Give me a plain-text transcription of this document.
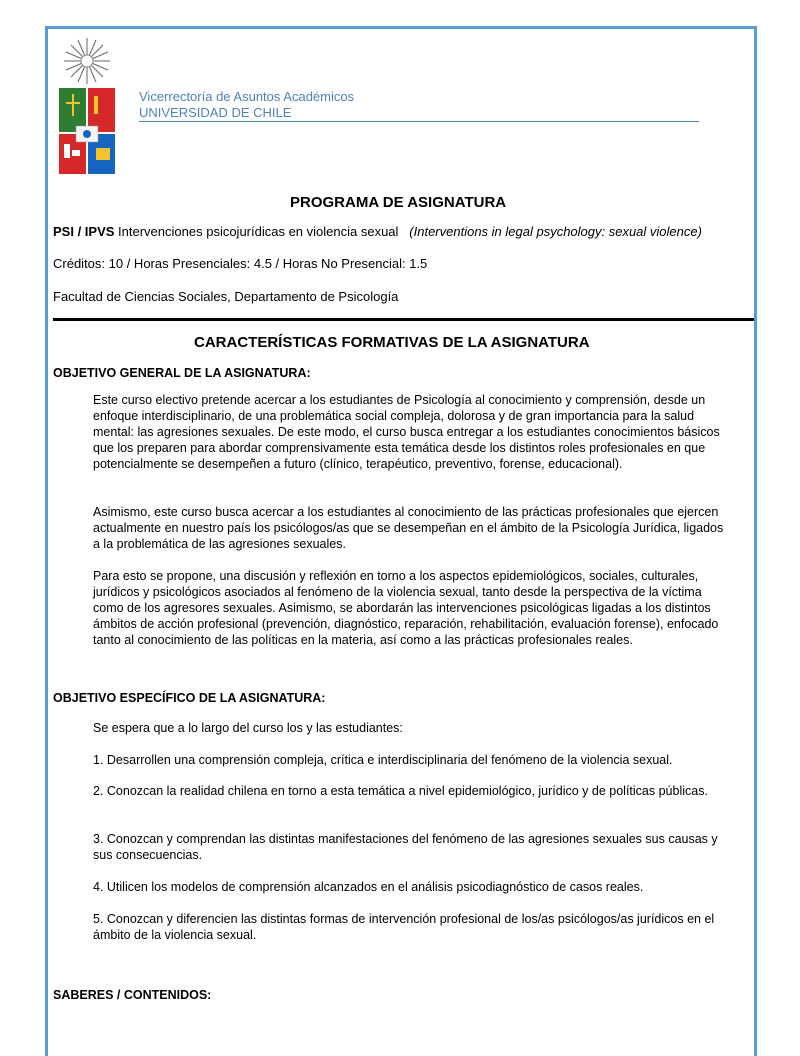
Vicerrectoría de Asuntos Académicos
UNIVERSIDAD DE CHILE
PROGRAMA DE ASIGNATURA
PSI / IPVS Intervenciones psicojurídicas en violencia sexual (Interventions in legal psychology: sexual violence)
Créditos: 10 / Horas Presenciales: 4.5 / Horas No Presencial: 1.5
Facultad de Ciencias Sociales, Departamento de Psicología
CARACTERÍSTICAS FORMATIVAS DE LA ASIGNATURA
OBJETIVO GENERAL DE LA ASIGNATURA:
Este curso electivo pretende acercar a los estudiantes de Psicología al conocimiento y comprensión, desde un enfoque interdisciplinario, de una problemática social compleja, dolorosa y de gran importancia para la salud mental: las agresiones sexuales. De este modo, el curso busca entregar a los estudiantes conocimientos básicos que los preparen para abordar comprensivamente esta temática desde los distintos roles profesionales en que potencialmente se desempeñen a futuro (clínico, terapéutico, preventivo, forense, educacional).
Asimismo, este curso busca acercar a los estudiantes al conocimiento de las prácticas profesionales que ejercen actualmente en nuestro país los psicólogos/as que se desempeñan en el ámbito de la Psicología Jurídica, ligados a la problemática de las agresiones sexuales.
Para esto se propone, una discusión y reflexión en torno a los aspectos epidemiológicos, sociales, culturales, jurídicos y psicológicos asociados al fenómeno de la violencia sexual, tanto desde la perspectiva de la víctima como de los agresores sexuales. Asimismo, se abordarán las intervenciones psicológicas ligadas a los distintos ámbitos de acción profesional (prevención, diagnóstico, reparación, rehabilitación, evaluación forense), enfocado tanto al conocimiento de las políticas en la materia, así como a las prácticas profesionales reales.
OBJETIVO ESPECÍFICO DE LA ASIGNATURA:
Se espera que a lo largo del curso los y las estudiantes:
1. Desarrollen una comprensión compleja, crítica e interdisciplinaria del fenómeno de la violencia sexual.
2. Conozcan la realidad chilena en torno a esta temática a nivel epidemiológico, jurídico y de políticas públicas.
3. Conozcan y comprendan las distintas manifestaciones del fenómeno de las agresiones sexuales sus causas y sus consecuencias.
4. Utilicen los modelos de comprensión alcanzados en el análisis psicodiagnóstico de casos reales.
5. Conozcan y diferencien las distintas formas de intervención profesional de los/as psicólogos/as jurídicos en el ámbito de la violencia sexual.
SABERES / CONTENIDOS:
